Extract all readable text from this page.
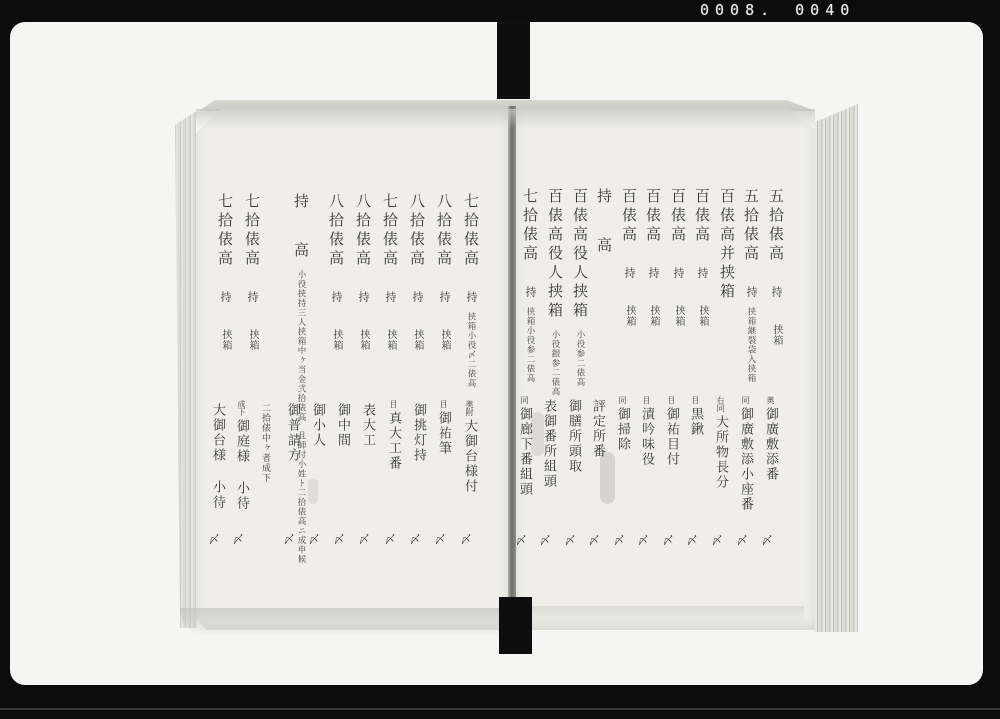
0008. 0040
五拾俵高持挟箱
五拾俵高持挟箱継裂袋入挟箱
百俵高并挟箱
百俵高持挟箱
百俵高持挟箱
百俵高持挟箱
百俵高持挟箱
持高
百俵高役人挟箱小役参二俵高
百俵高役人挟箱小役銀参二俵高
七拾俵高持挟箱小役参二俵高
奥御廣敷添番
〆
同御廣敷添小座番
〆
右同大所物長分
〆
目黒鍬
〆
目御祐目付
〆
目漬吟味役
〆
同御掃除
〆
評定所番
〆
御膳所頭取
〆
表御番所組頭
〆
同御廊下番組頭
〆
七拾俵高持挟箱小役〆二俵高
八拾俵高持挟箱
八拾俵高持挟箱
七拾俵高持挟箱
八拾俵高持挟箱
八拾俵高持挟箱
持高小役挟持三人挟箱中ヶ当金弐拾俵高且師付小姓ト二拾俵高ニ成申候
七拾俵高持挟箱
七拾俵高持挟箱
奥附大御台様付
〆
目御祐筆
〆
御挑灯持
〆
目真大工番
〆
表大工
〆
御中間
〆
御小人
〆
御普請方
〆
二拾俵中ヶ者成下
成下御庭様 小待
〆
大御台様 小待
〆
